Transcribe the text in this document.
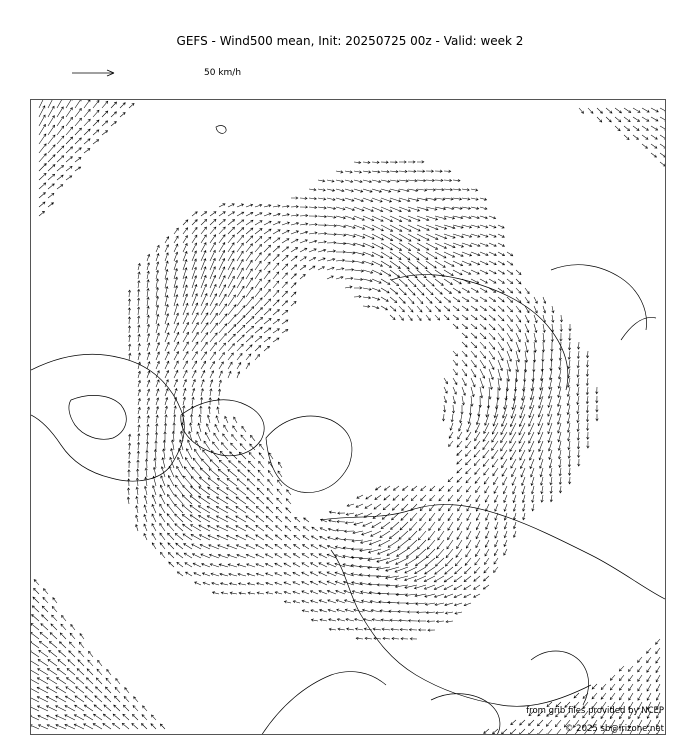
GEFS - Wind500 mean, Init: 20250725 00z - Valid: week 2
50 km/h
from grib files provided by NCEP
© 2025 sb@irizone.net
